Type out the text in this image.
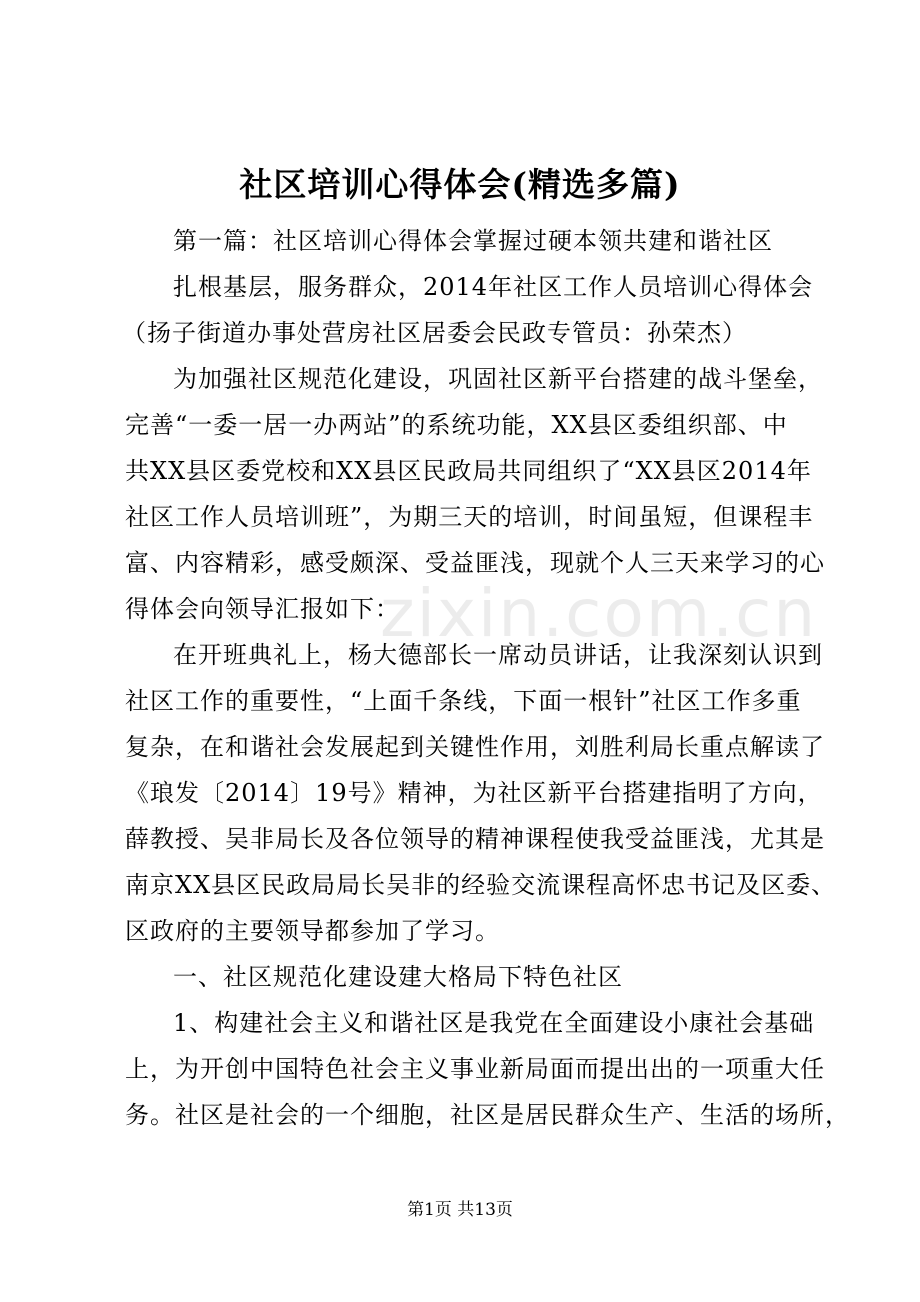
社区培训心得体会(精选多篇)
第一篇：社区培训心得体会掌握过硬本领共建和谐社区
扎根基层，服务群众，2014年社区工作人员培训心得体会
（扬子街道办事处营房社区居委会民政专管员：孙荣杰）
为加强社区规范化建设，巩固社区新平台搭建的战斗堡垒，
完善“一委一居一办两站”的系统功能，XX县区委组织部、中
共XX县区委党校和XX县区民政局共同组织了“XX县区2014年
社区工作人员培训班”，为期三天的培训，时间虽短，但课程丰
富、内容精彩，感受颇深、受益匪浅，现就个人三天来学习的心
得体会向领导汇报如下：
在开班典礼上，杨大德部长一席动员讲话，让我深刻认识到
社区工作的重要性，“上面千条线，下面一根针”社区工作多重
复杂，在和谐社会发展起到关键性作用，刘胜利局长重点解读了
《琅发〔2014〕19号》精神，为社区新平台搭建指明了方向，
薛教授、吴非局长及各位领导的精神课程使我受益匪浅，尤其是
南京XX县区民政局局长吴非的经验交流课程高怀忠书记及区委、
区政府的主要领导都参加了学习。
一、社区规范化建设建大格局下特色社区
1、构建社会主义和谐社区是我党在全面建设小康社会基础
上，为开创中国特色社会主义事业新局面而提出出的一项重大任
务。社区是社会的一个细胞，社区是居民群众生产、生活的场所，
zixin.com.cn
第1页 共13页
